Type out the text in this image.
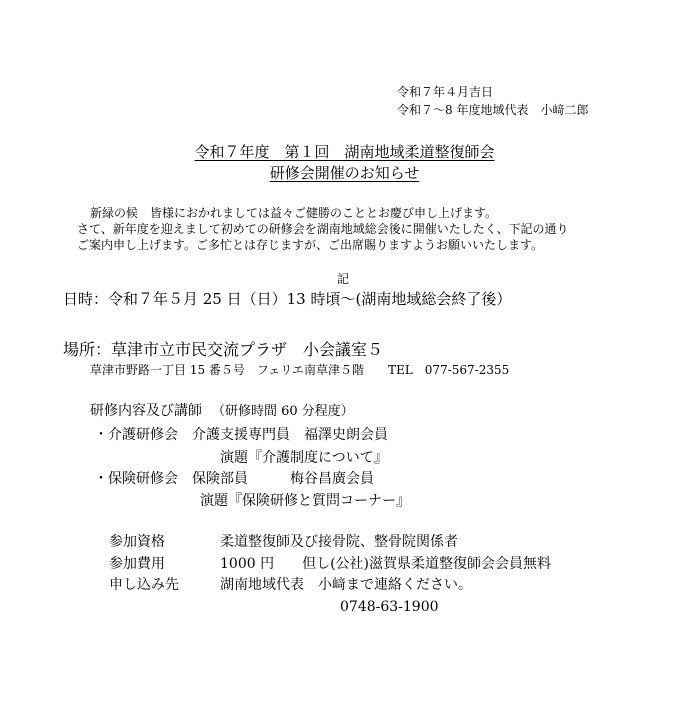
令和７年４月吉日
令和７～8 年度地域代表　小﨑二郎
令和７年度　第１回　湖南地域柔道整復師会
研修会開催のお知らせ
新緑の候　皆様におかれましては益々ご健勝のこととお慶び申し上げます。
さて、新年度を迎えまして初めての研修会を湖南地域総会後に開催いたしたく、下記の通り
ご案内申し上げます。ご多忙とは存じますが、ご出席賜りますようお願いいたします。
記
日時：令和７年５月 25 日（日）13 時頃～(湖南地域総会終了後）
場所：草津市立市民交流プラザ　小会議室５
草津市野路一丁目 15 番５号　フェリエ南草津５階　　TEL　077-567-2355
研修内容及び講師 （研修時間 60 分程度）
・介護研修会　介護支援専門員　福澤史朗会員
演題『介護制度について』
・保険研修会　保険部員　　　梅谷昌廣会員
演題『保険研修と質問コーナー』
参加資格	柔道整復師及び接骨院、整骨院関係者
参加費用	1000 円　　但し(公社)滋賀県柔道整復師会会員無料
申し込み先	湖南地域代表　小﨑まで連絡ください。
0748-63-1900
